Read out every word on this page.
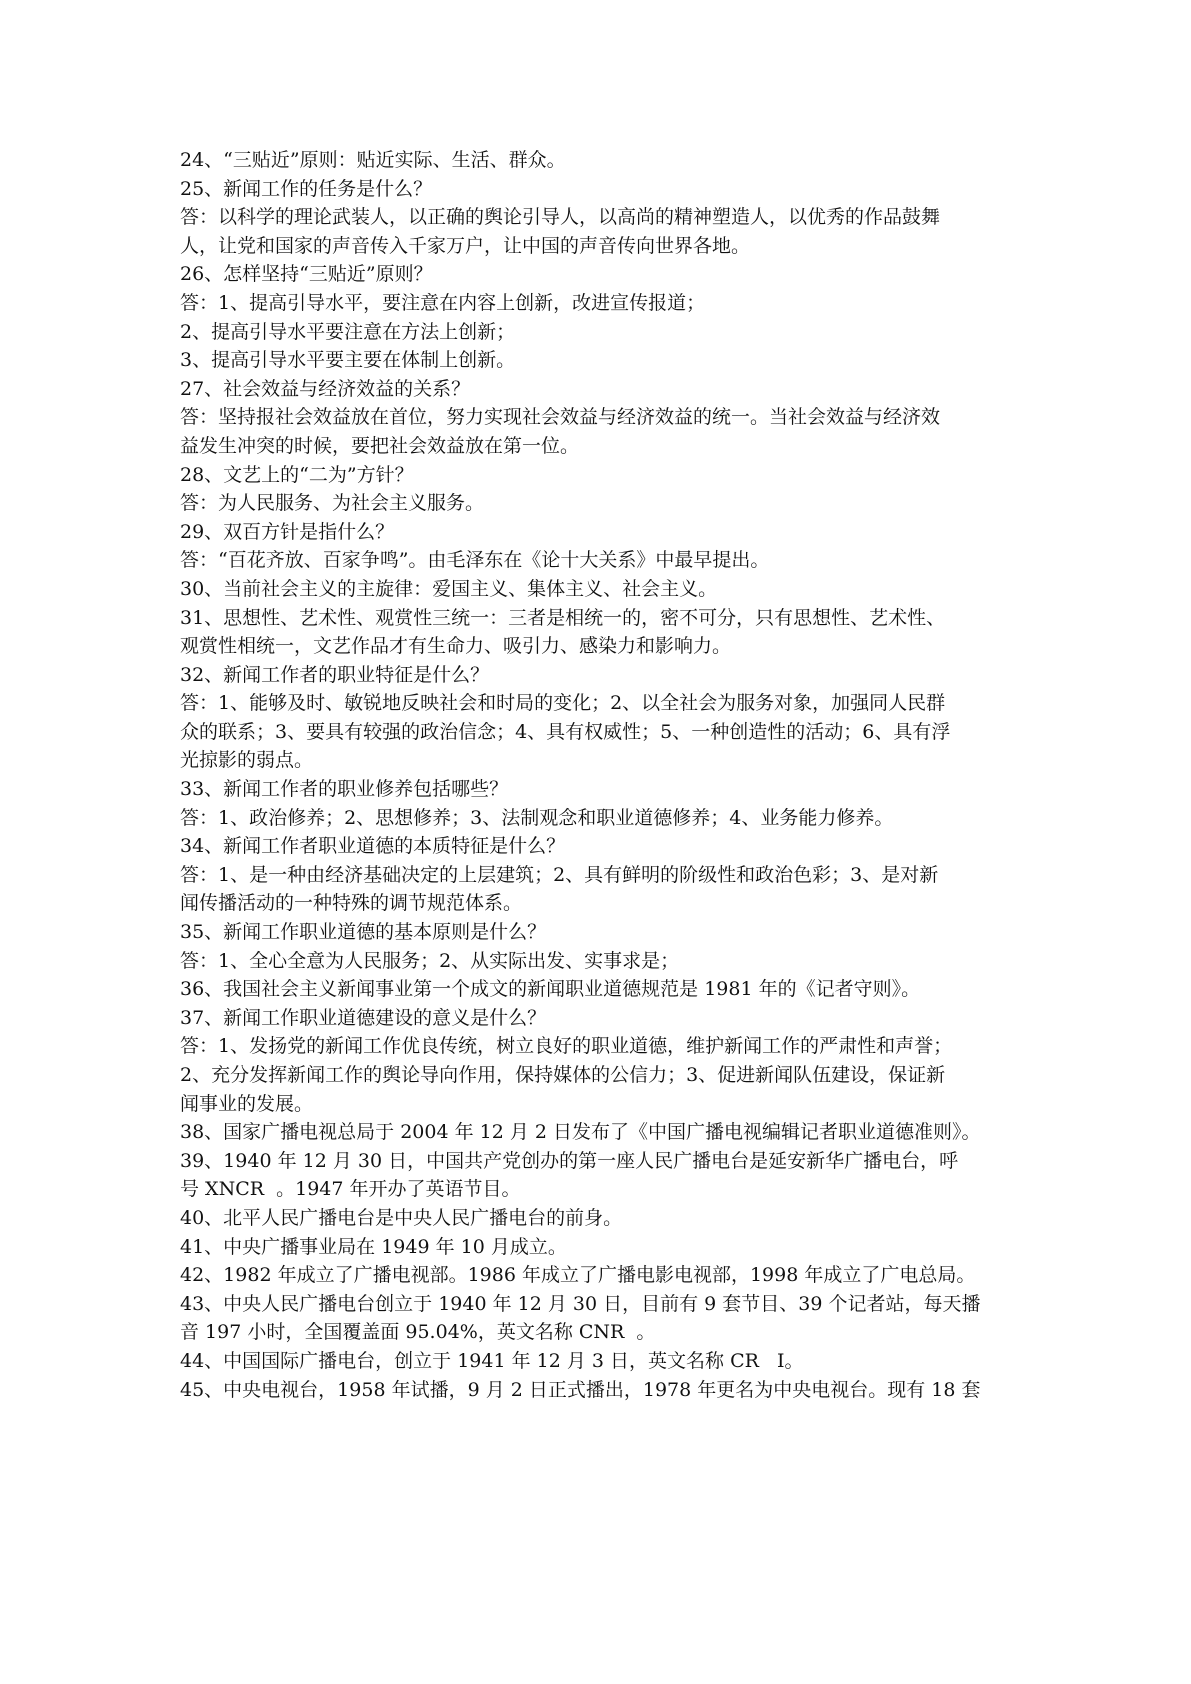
24、“三贴近”原则：贴近实际、生活、群众。
25、新闻工作的任务是什么？
答：以科学的理论武装人，以正确的舆论引导人，以高尚的精神塑造人，以优秀的作品鼓舞
人，让党和国家的声音传入千家万户，让中国的声音传向世界各地。
26、怎样坚持“三贴近”原则？
答：1、提高引导水平，要注意在内容上创新，改进宣传报道；
2、提高引导水平要注意在方法上创新；
3、提高引导水平要主要在体制上创新。
27、社会效益与经济效益的关系？
答：坚持报社会效益放在首位，努力实现社会效益与经济效益的统一。当社会效益与经济效
益发生冲突的时候，要把社会效益放在第一位。
28、文艺上的“二为”方针？
答：为人民服务、为社会主义服务。
29、双百方针是指什么？
答：“百花齐放、百家争鸣”。由毛泽东在《论十大关系》中最早提出。
30、当前社会主义的主旋律：爱国主义、集体主义、社会主义。
31、思想性、艺术性、观赏性三统一：三者是相统一的，密不可分，只有思想性、艺术性、
观赏性相统一，文艺作品才有生命力、吸引力、感染力和影响力。
32、新闻工作者的职业特征是什么？
答：1、能够及时、敏锐地反映社会和时局的变化；2、以全社会为服务对象，加强同人民群
众的联系；3、要具有较强的政治信念；4、具有权威性；5、一种创造性的活动；6、具有浮
光掠影的弱点。
33、新闻工作者的职业修养包括哪些？
答：1、政治修养；2、思想修养；3、法制观念和职业道德修养；4、业务能力修养。
34、新闻工作者职业道德的本质特征是什么？
答：1、是一种由经济基础决定的上层建筑；2、具有鲜明的阶级性和政治色彩；3、是对新
闻传播活动的一种特殊的调节规范体系。
35、新闻工作职业道德的基本原则是什么？
答：1、全心全意为人民服务；2、从实际出发、实事求是；
36、我国社会主义新闻事业第一个成文的新闻职业道德规范是 1981 年的《记者守则》。
37、新闻工作职业道德建设的意义是什么？
答：1、发扬党的新闻工作优良传统，树立良好的职业道德，维护新闻工作的严肃性和声誉；
2、充分发挥新闻工作的舆论导向作用，保持媒体的公信力；3、促进新闻队伍建设，保证新
闻事业的发展。
38、国家广播电视总局于 2004 年 12 月 2 日发布了《中国广播电视编辑记者职业道德准则》。
39、1940 年 12 月 30 日，中国共产党创办的第一座人民广播电台是延安新华广播电台，呼
号 XNCR  。1947 年开办了英语节目。
40、北平人民广播电台是中央人民广播电台的前身。
41、中央广播事业局在 1949 年 10 月成立。
42、1982 年成立了广播电视部。1986 年成立了广播电影电视部，1998 年成立了广电总局。
43、中央人民广播电台创立于 1940 年 12 月 30 日，目前有 9 套节目、39 个记者站，每天播
音 197 小时，全国覆盖面 95.04%，英文名称 CNR  。
44、中国国际广播电台，创立于 1941 年 12 月 3 日，英文名称 CR   I。
45、中央电视台，1958 年试播，9 月 2 日正式播出，1978 年更名为中央电视台。现有 18 套
